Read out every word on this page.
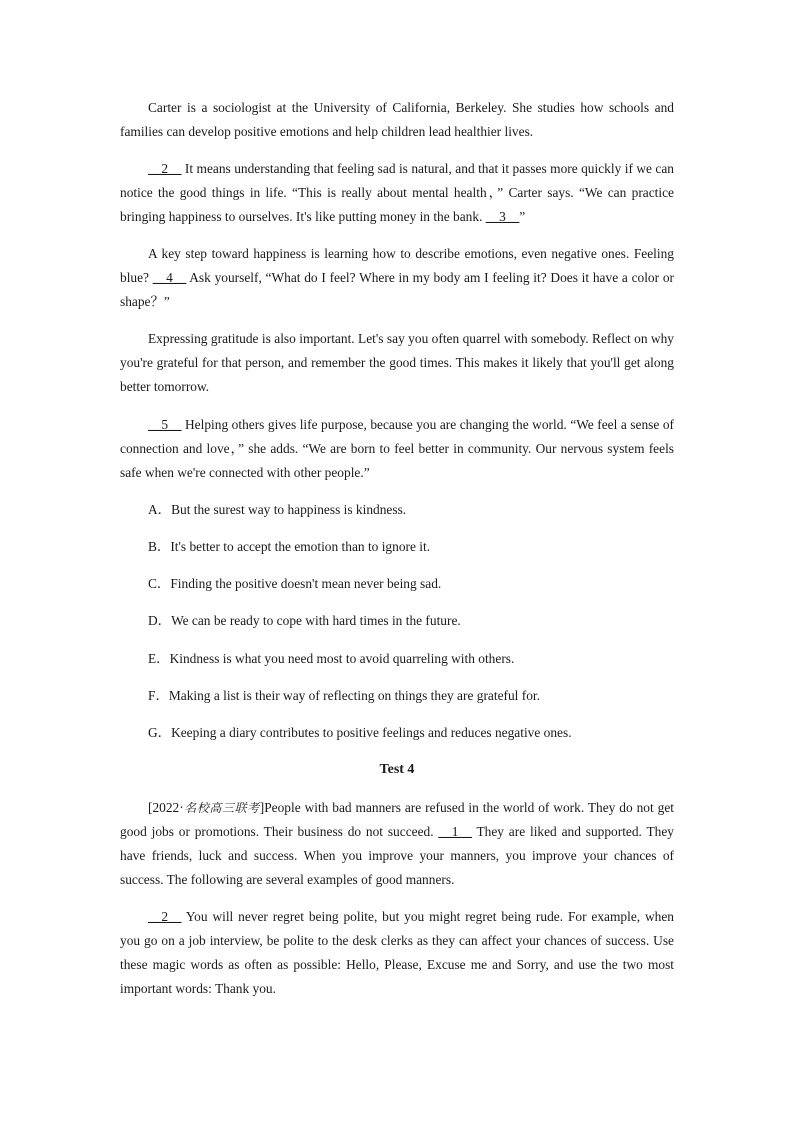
Carter is a sociologist at the University of California, Berkeley. She studies how schools and families can develop positive emotions and help children lead healthier lives.

__2__ It means understanding that feeling sad is natural, and that it passes more quickly if we can notice the good things in life. “This is really about mental health，” Carter says. “We can practice bringing happiness to ourselves. It's like putting money in the bank. __3__”

A key step toward happiness is learning how to describe emotions, even negative ones. Feeling blue? __4__ Ask yourself, “What do I feel? Where in my body am I feeling it? Does it have a color or shape？”

Expressing gratitude is also important. Let's say you often quarrel with somebody. Reflect on why you're grateful for that person, and remember the good times. This makes it likely that you'll get along better tomorrow.

__5__ Helping others gives life purpose, because you are changing the world. “We feel a sense of connection and love，” she adds. “We are born to feel better in community. Our nervous system feels safe when we're connected with other people.”

A．But the surest way to happiness is kindness.

B．It's better to accept the emotion than to ignore it.

C．Finding the positive doesn't mean never being sad.

D．We can be ready to cope with hard times in the future.

E．Kindness is what you need most to avoid quarreling with others.

F．Making a list is their way of reflecting on things they are grateful for.

G．Keeping a diary contributes to positive feelings and reduces negative ones.

Test 4

[2022·名校高三联考]People with bad manners are refused in the world of work. They do not get good jobs or promotions. Their business do not succeed. __1__ They are liked and supported. They have friends, luck and success. When you improve your manners, you improve your chances of success. The following are several examples of good manners.

__2__ You will never regret being polite, but you might regret being rude. For example, when you go on a job interview, be polite to the desk clerks as they can affect your chances of success. Use these magic words as often as possible: Hello, Please, Excuse me and Sorry, and use the two most important words: Thank you.
